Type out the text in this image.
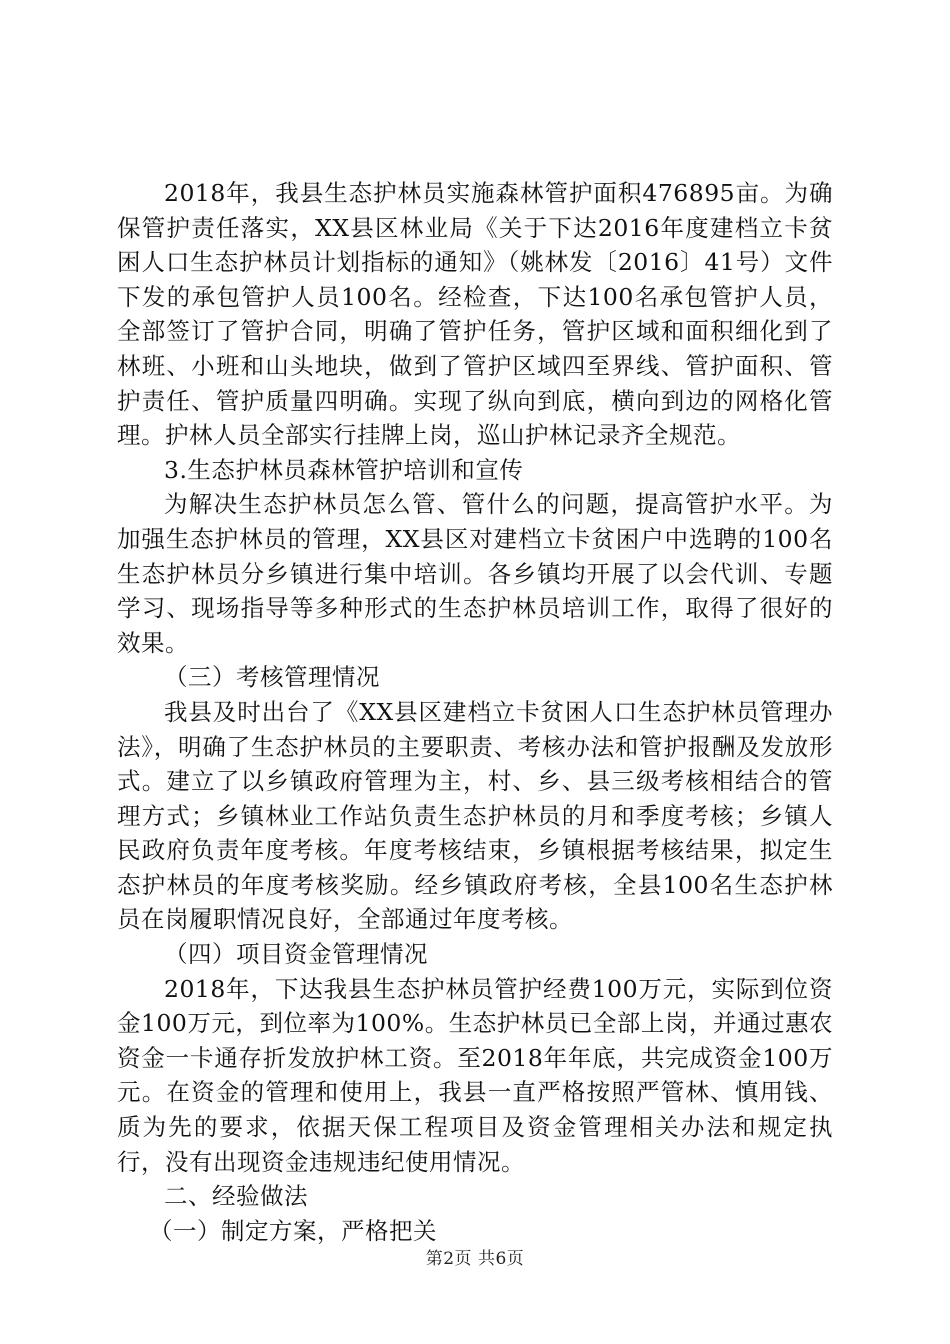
2018年，我县生态护林员实施森林管护面积476895亩。为确保管护责任落实，XX县区林业局《关于下达2016年度建档立卡贫困人口生态护林员计划指标的通知》（姚林发〔2016〕41号）文件下发的承包管护人员100名。经检查，下达100名承包管护人员，全部签订了管护合同，明确了管护任务，管护区域和面积细化到了林班、小班和山头地块，做到了管护区域四至界线、管护面积、管护责任、管护质量四明确。实现了纵向到底，横向到边的网格化管理。护林人员全部实行挂牌上岗，巡山护林记录齐全规范。

3.生态护林员森林管护培训和宣传

为解决生态护林员怎么管、管什么的问题，提高管护水平。为加强生态护林员的管理，XX县区对建档立卡贫困户中选聘的100名生态护林员分乡镇进行集中培训。各乡镇均开展了以会代训、专题学习、现场指导等多种形式的生态护林员培训工作，取得了很好的效果。

（三）考核管理情况

我县及时出台了《XX县区建档立卡贫困人口生态护林员管理办法》，明确了生态护林员的主要职责、考核办法和管护报酬及发放形式。建立了以乡镇政府管理为主，村、乡、县三级考核相结合的管理方式；乡镇林业工作站负责生态护林员的月和季度考核；乡镇人民政府负责年度考核。年度考核结束，乡镇根据考核结果，拟定生态护林员的年度考核奖励。经乡镇政府考核，全县100名生态护林员在岗履职情况良好，全部通过年度考核。

（四）项目资金管理情况

2018年，下达我县生态护林员管护经费100万元，实际到位资金100万元，到位率为100%。生态护林员已全部上岗，并通过惠农资金一卡通存折发放护林工资。至2018年年底，共完成资金100万元。在资金的管理和使用上，我县一直严格按照严管林、慎用钱、质为先的要求，依据天保工程项目及资金管理相关办法和规定执行，没有出现资金违规违纪使用情况。

二、经验做法

（一）制定方案，严格把关

第2页 共6页
